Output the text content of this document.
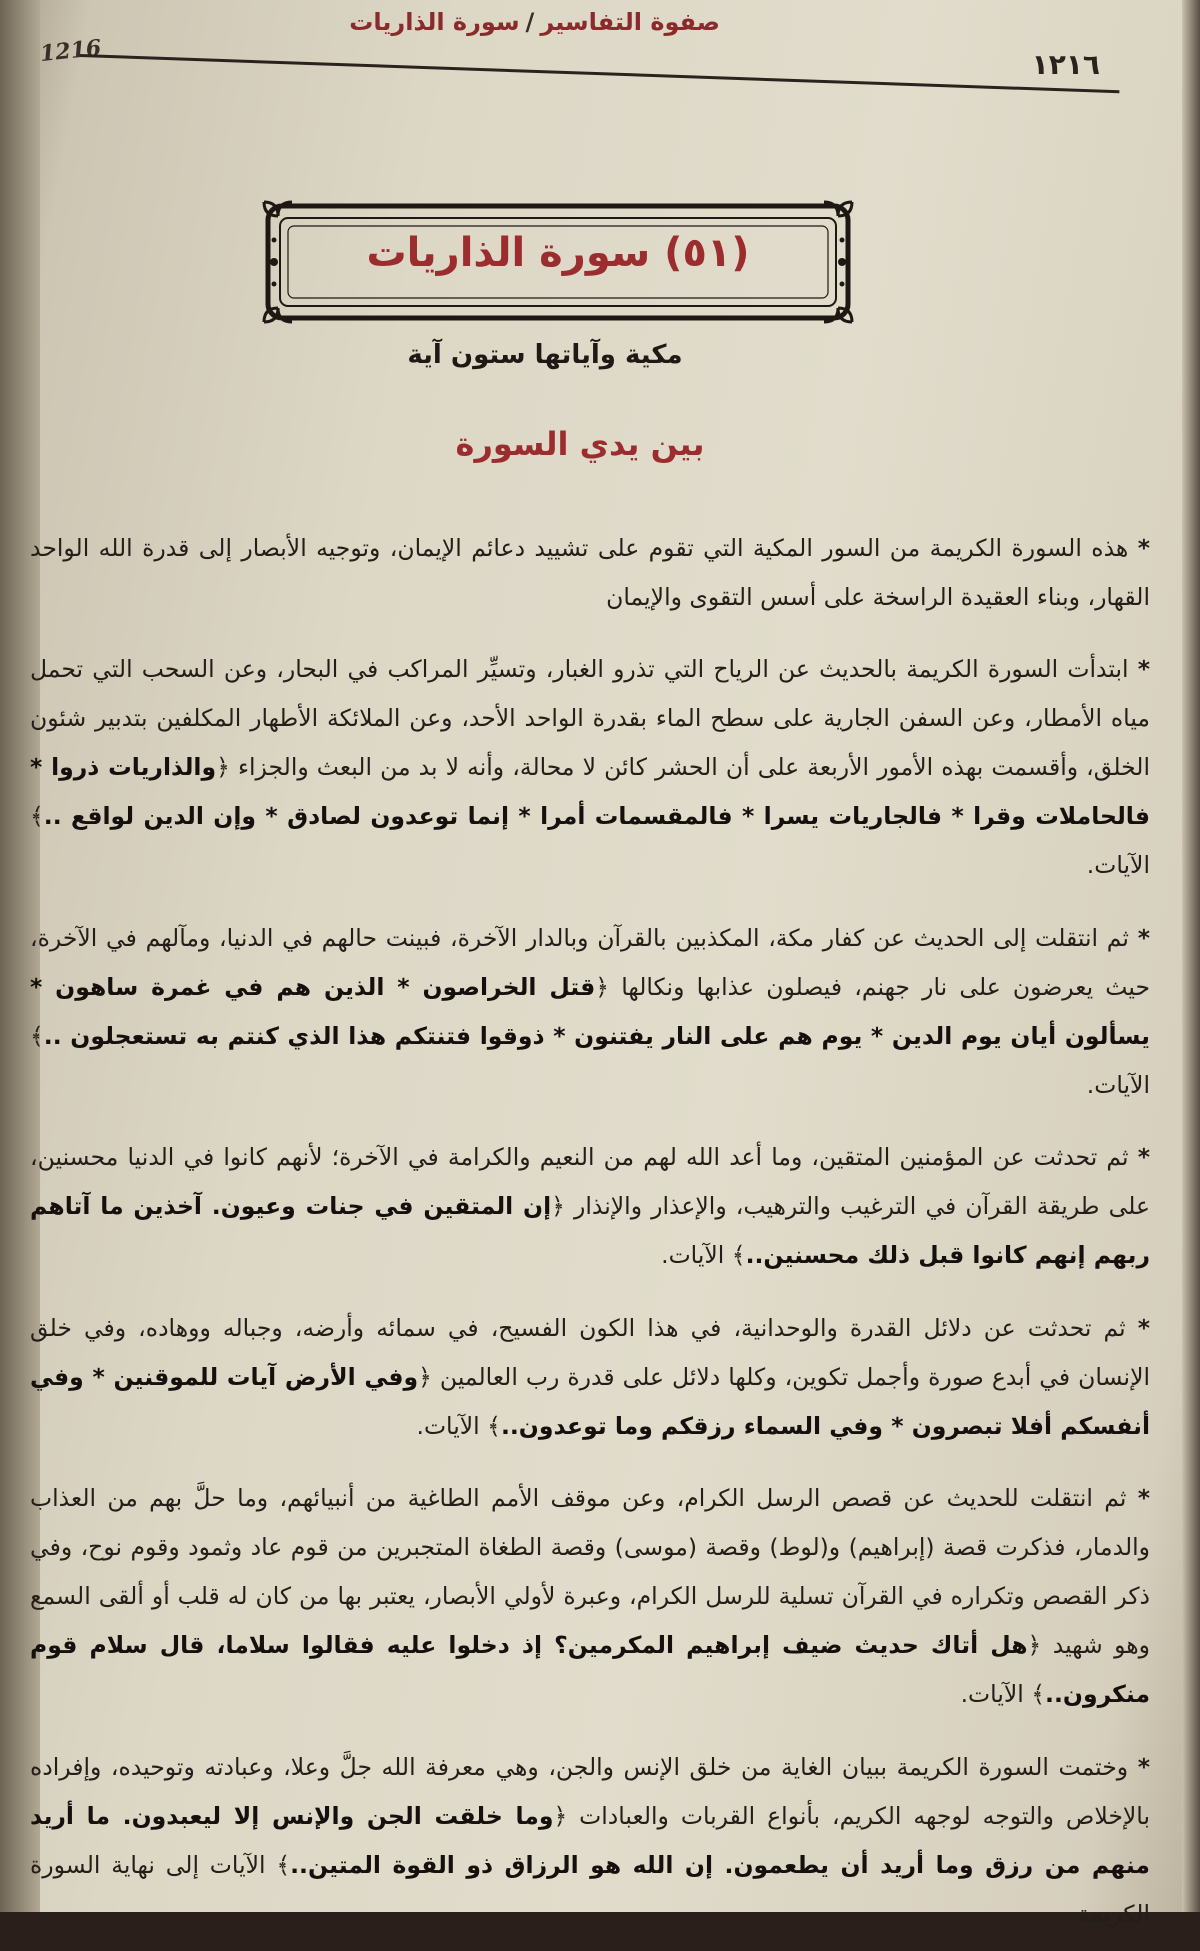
1216
صفوة التفاسير/سورة الذاريات
١٢١٦
(٥١) سورة الذاريات
مكية وآياتها ستون آية
بين يدي السورة

* هذه السورة الكريمة من السور المكية التي تقوم على تشييد دعائم الإيمان، وتوجيه الأبصار إلى قدرة الله الواحد القهار، وبناء العقيدة الراسخة على أسس التقوى والإيمان

* ابتدأت السورة الكريمة بالحديث عن الرياح التي تذرو الغبار، وتسيِّر المراكب في البحار، وعن السحب التي تحمل مياه الأمطار، وعن السفن الجارية على سطح الماء بقدرة الواحد الأحد، وعن الملائكة الأطهار المكلفين بتدبير شئون الخلق، وأقسمت بهذه الأمور الأربعة على أن الحشر كائن لا محالة، وأنه لا بد من البعث والجزاء ﴿والذاريات ذروا * فالحاملات وقرا * فالجاريات يسرا * فالمقسمات أمرا * إنما توعدون لصادق * وإن الدين لواقع ..﴾ الآيات.

* ثم انتقلت إلى الحديث عن كفار مكة، المكذبين بالقرآن وبالدار الآخرة، فبينت حالهم في الدنيا، ومآلهم في الآخرة، حيث يعرضون على نار جهنم، فيصلون عذابها ونكالها ﴿قتل الخراصون * الذين هم في غمرة ساهون * يسألون أيان يوم الدين * يوم هم على النار يفتنون * ذوقوا فتنتكم هذا الذي كنتم به تستعجلون ..﴾ الآيات.

* ثم تحدثت عن المؤمنين المتقين، وما أعد الله لهم من النعيم والكرامة في الآخرة؛ لأنهم كانوا في الدنيا محسنين، على طريقة القرآن في الترغيب والترهيب، والإعذار والإنذار ﴿إن المتقين في جنات وعيون. آخذين ما آتاهم ربهم إنهم كانوا قبل ذلك محسنين..﴾ الآيات.

* ثم تحدثت عن دلائل القدرة والوحدانية، في هذا الكون الفسيح، في سمائه وأرضه، وجباله ووهاده، وفي خلق الإنسان في أبدع صورة وأجمل تكوين، وكلها دلائل على قدرة رب العالمين ﴿وفي الأرض آيات للموقنين * وفي أنفسكم أفلا تبصرون * وفي السماء رزقكم وما توعدون..﴾ الآيات.

* ثم انتقلت للحديث عن قصص الرسل الكرام، وعن موقف الأمم الطاغية من أنبيائهم، وما حلَّ بهم من العذاب والدمار، فذكرت قصة (إبراهيم) و(لوط) وقصة (موسى) وقصة الطغاة المتجبرين من قوم عاد وثمود وقوم نوح، وفي ذكر القصص وتكراره في القرآن تسلية للرسل الكرام، وعبرة لأولي الأبصار، يعتبر بها من كان له قلب أو ألقى السمع وهو شهيد ﴿هل أتاك حديث ضيف إبراهيم المكرمين؟ إذ دخلوا عليه فقالوا سلاما، قال سلام قوم منكرون..﴾ الآيات.

* وختمت السورة الكريمة ببيان الغاية من خلق الإنس والجن، وهي معرفة الله جلَّ وعلا، وعبادته وتوحيده، وإفراده بالإخلاص والتوجه لوجهه الكريم، بأنواع القربات والعبادات ﴿وما خلقت الجن والإنس إلا ليعبدون. ما أريد منهم من رزق وما أريد أن يطعمون. إن الله هو الرزاق ذو القوة المتين..﴾ الآيات إلى نهاية السورة الكريمة.
